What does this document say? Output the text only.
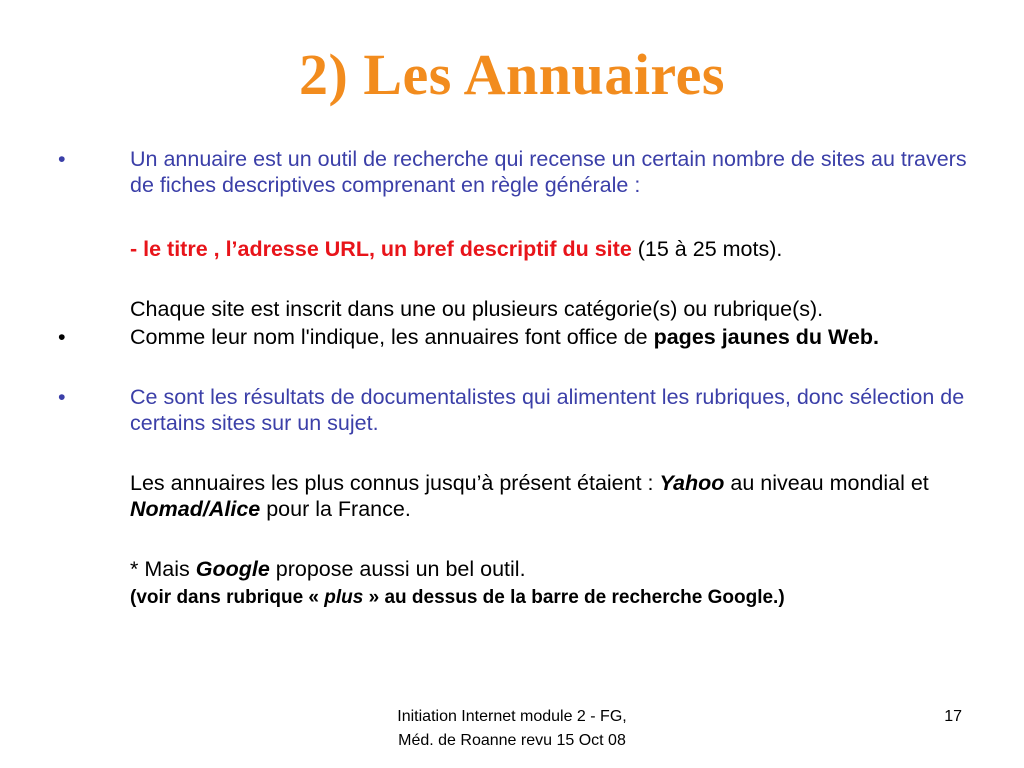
2) Les Annuaires
•	Un annuaire est un outil de recherche qui recense un certain nombre de sites au travers de fiches descriptives comprenant en règle générale :
- le titre , l’adresse URL, un bref descriptif du site (15 à 25 mots).
Chaque site est inscrit dans une ou plusieurs catégorie(s) ou rubrique(s).
•	Comme leur nom l'indique, les annuaires font office de pages jaunes du Web.
•	Ce sont les résultats de documentalistes qui alimentent les rubriques, donc sélection de certains sites sur un sujet.
Les annuaires les plus connus jusqu’à présent étaient : Yahoo au niveau mondial et Nomad/Alice pour la France.
* Mais Google propose aussi un bel outil.
(voir dans rubrique « plus » au dessus de la barre de recherche Google.)
Initiation Internet module 2 - FG,
Méd. de Roanne revu 15 Oct 08
17
